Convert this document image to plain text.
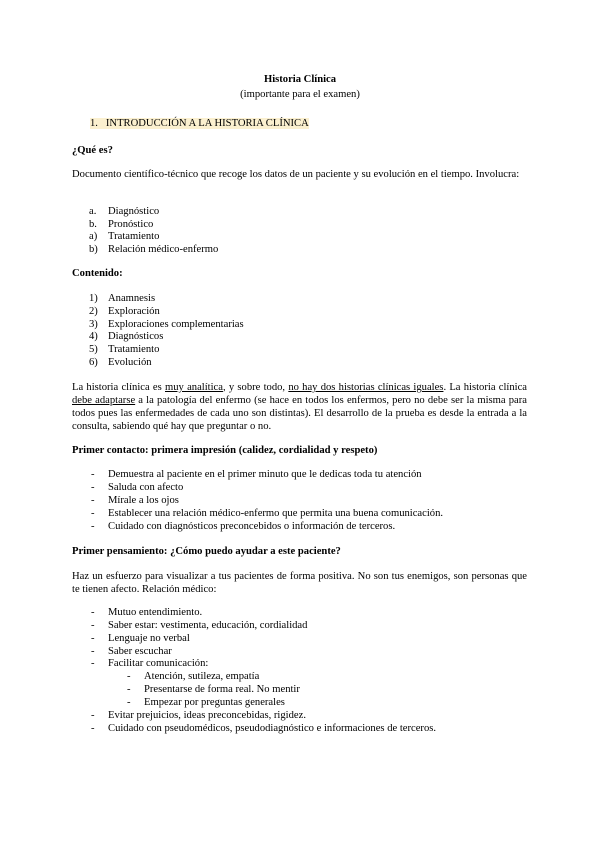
Historia Clínica
(importante para el examen)
1. INTRODUCCIÓN A LA HISTORIA CLÍNICA
¿Qué es?
Documento científico-técnico que recoge los datos de un paciente y su evolución en el tiempo. Involucra:
a. Diagnóstico
b. Pronóstico
a) Tratamiento
b) Relación médico-enfermo
Contenido:
1) Anamnesis
2) Exploración
3) Exploraciones complementarias
4) Diagnósticos
5) Tratamiento
6) Evolución
La historia clínica es muy analítica, y sobre todo, no hay dos historias clínicas iguales. La historia clínica debe adaptarse a la patología del enfermo (se hace en todos los enfermos, pero no debe ser la misma para todos pues las enfermedades de cada uno son distintas). El desarrollo de la prueba es desde la entrada a la consulta, sabiendo qué hay que preguntar o no.
Primer contacto: primera impresión (calidez, cordialidad y respeto)
- Demuestra al paciente en el primer minuto que le dedicas toda tu atención
- Saluda con afecto
- Mírale a los ojos
- Establecer una relación médico-enfermo que permita una buena comunicación.
- Cuidado con diagnósticos preconcebidos o información de terceros.
Primer pensamiento: ¿Cómo puedo ayudar a este paciente?
Haz un esfuerzo para visualizar a tus pacientes de forma positiva. No son tus enemigos, son personas que te tienen afecto. Relación médico:
- Mutuo entendimiento.
- Saber estar: vestimenta, educación, cordialidad
- Lenguaje no verbal
- Saber escuchar
- Facilitar comunicación:
- Atención, sutileza, empatía
- Presentarse de forma real. No mentir
- Empezar por preguntas generales
- Evitar prejuicios, ideas preconcebidas, rigidez.
- Cuidado con pseudomédicos, pseudodiagnóstico e informaciones de terceros.
